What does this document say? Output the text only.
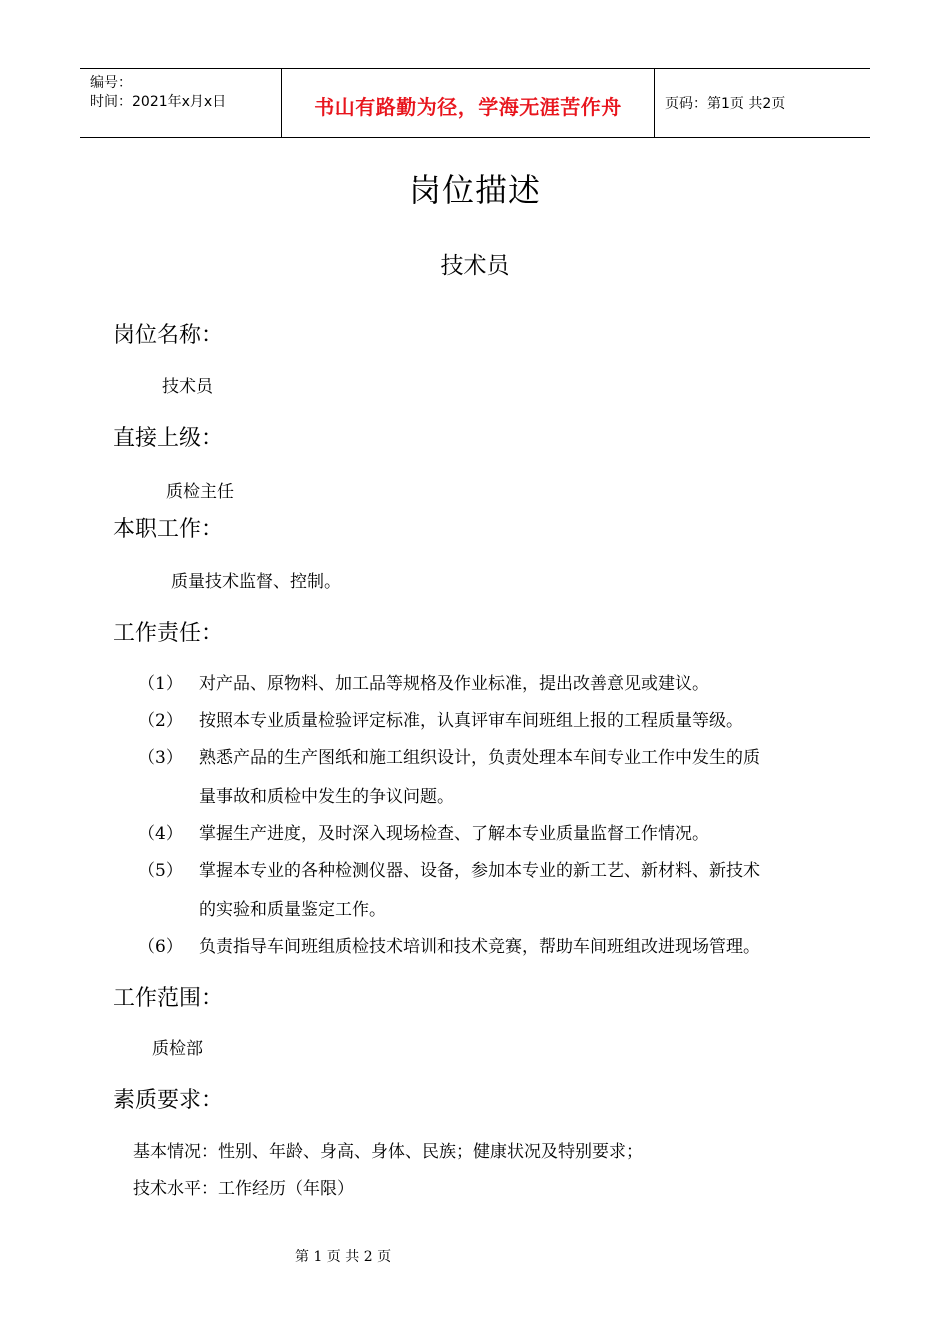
编号：
时间：2021年x月x日	书山有路勤为径，学海无涯苦作舟	页码：第1页 共2页
岗位描述
技术员
岗位名称：
技术员
直接上级：
质检主任
本职工作：
质量技术监督、控制。
工作责任：
（1） 对产品、原物料、加工品等规格及作业标准，提出改善意见或建议。
（2） 按照本专业质量检验评定标准，认真评审车间班组上报的工程质量等级。
（3） 熟悉产品的生产图纸和施工组织设计，负责处理本车间专业工作中发生的质
量事故和质检中发生的争议问题。
（4） 掌握生产进度，及时深入现场检查、了解本专业质量监督工作情况。
（5） 掌握本专业的各种检测仪器、设备，参加本专业的新工艺、新材料、新技术
的实验和质量鉴定工作。
（6） 负责指导车间班组质检技术培训和技术竞赛，帮助车间班组改进现场管理。
工作范围：
质检部
素质要求：
基本情况：性别、年龄、身高、身体、民族；健康状况及特别要求；
技术水平：工作经历（年限）
第 1 页 共 2 页
